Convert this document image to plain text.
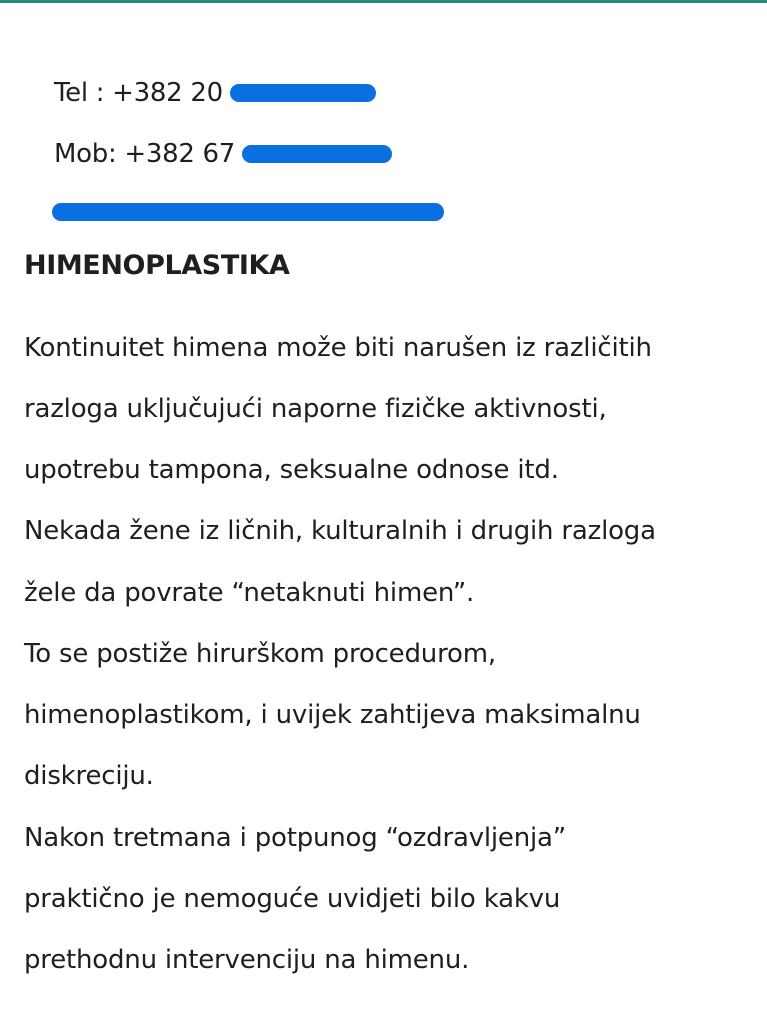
Tel : +382 20
Mob: +382 67
HIMENOPLASTIKA
Kontinuitet himena može biti narušen iz različitih
razloga uključujući naporne fizičke aktivnosti,
upotrebu tampona, seksualne odnose itd.
Nekada žene iz ličnih, kulturalnih i drugih razloga
žele da povrate “netaknuti himen”.
To se postiže hirurškom procedurom,
himenoplastikom, i uvijek zahtijeva maksimalnu
diskreciju.
Nakon tretmana i potpunog “ozdravljenja”
praktično je nemoguće uvidjeti bilo kakvu
prethodnu intervenciju na himenu.
